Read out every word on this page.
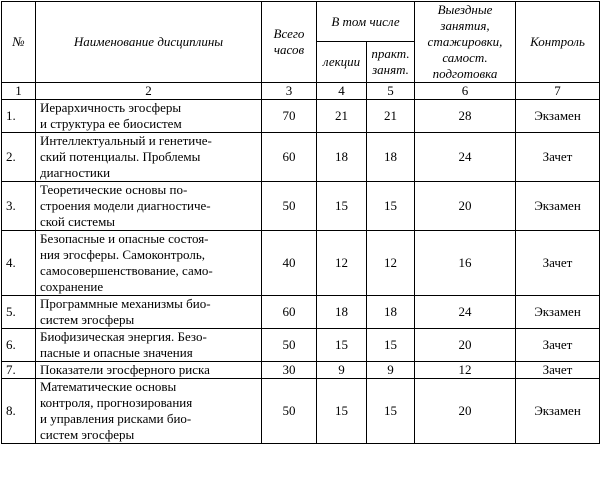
№	Наименование дисциплины	Всего
часов	В том числе		Выездные
занятия,
стажировки,
самост.
подготовка	Контроль
			лекции	практ.
занят.		
1	2	3	4	5	6	7
1.	Иерархичность эгосферы
и структура ее биосистем	70	21	21	28	Экзамен
2.	Интеллектуальный и генетиче-
ский потенциалы. Проблемы
диагностики	60	18	18	24	Зачет
3.	Теоретические основы по-
строения модели диагностиче-
ской системы	50	15	15	20	Экзамен
4.	Безопасные и опасные состоя-
ния эгосферы. Самоконтроль,
самосовершенствование, само-
сохранение	40	12	12	16	Зачет
5.	Программные механизмы био-
систем эгосферы	60	18	18	24	Экзамен
6.	Биофизическая энергия. Безо-
пасные и опасные значения	50	15	15	20	Зачет
7.	Показатели эгосферного риска	30	9	9	12	Зачет
8.	Математические основы
контроля, прогнозирования
и управления рисками био-
систем эгосферы	50	15	15	20	Экзамен
